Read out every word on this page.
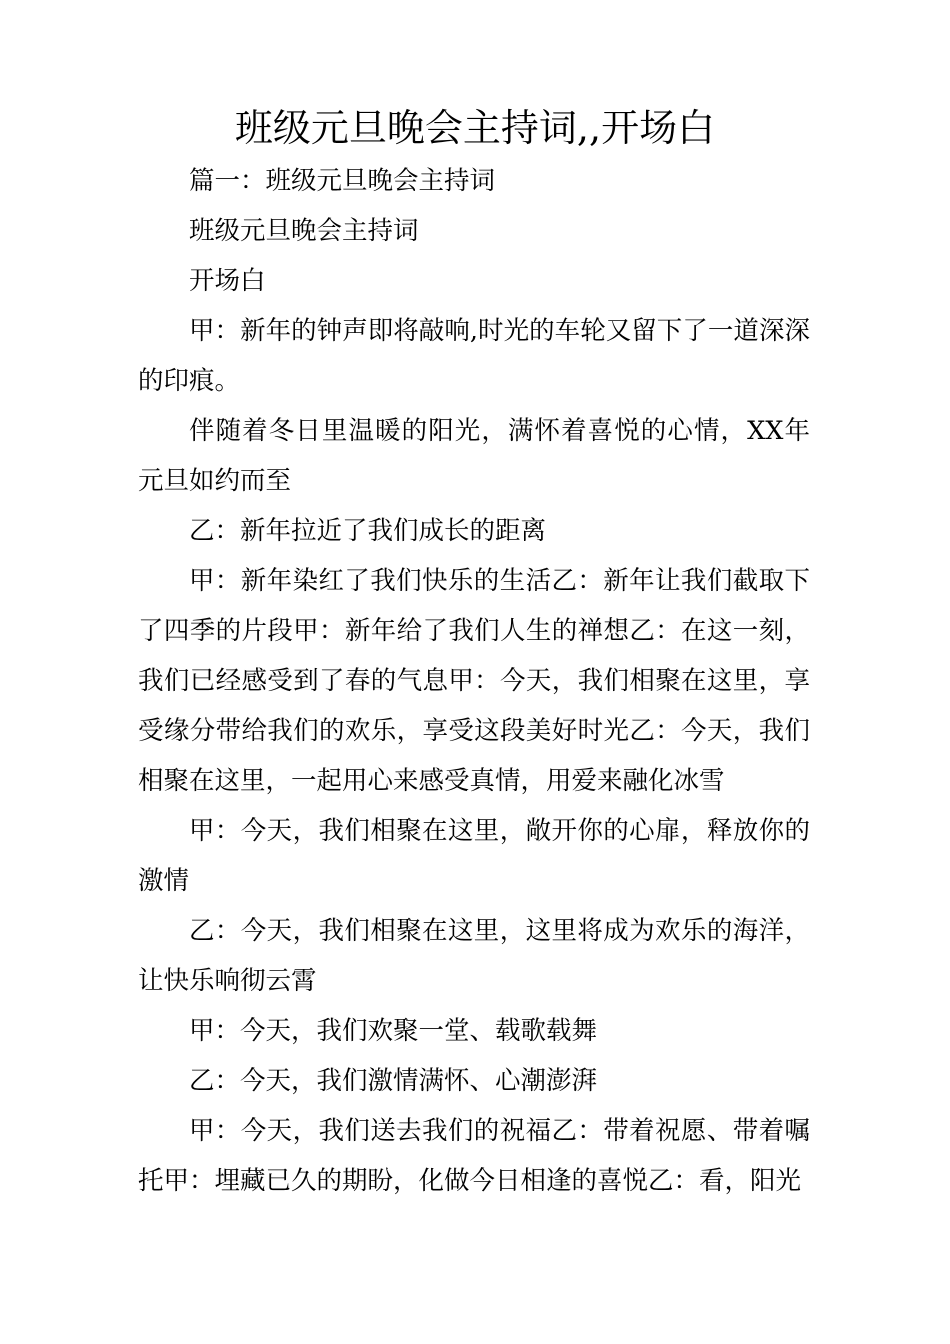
班级元旦晚会主持词,,开场白

篇一：班级元旦晚会主持词

班级元旦晚会主持词

开场白

甲：新年的钟声即将敲响,时光的车轮又留下了一道深深的印痕。

伴随着冬日里温暖的阳光，满怀着喜悦的心情，XX年元旦如约而至

乙：新年拉近了我们成长的距离

甲：新年染红了我们快乐的生活乙：新年让我们截取下了四季的片段甲：新年给了我们人生的禅想乙：在这一刻，我们已经感受到了春的气息甲：今天，我们相聚在这里，享受缘分带给我们的欢乐，享受这段美好时光乙：今天，我们相聚在这里，一起用心来感受真情，用爱来融化冰雪

甲：今天，我们相聚在这里，敞开你的心扉，释放你的激情

乙：今天，我们相聚在这里，这里将成为欢乐的海洋，让快乐响彻云霄

甲：今天，我们欢聚一堂、载歌载舞

乙：今天，我们激情满怀、心潮澎湃

甲：今天，我们送去我们的祝福乙：带着祝愿、带着嘱托甲：埋藏已久的期盼，化做今日相逢的喜悦乙：看，阳光
